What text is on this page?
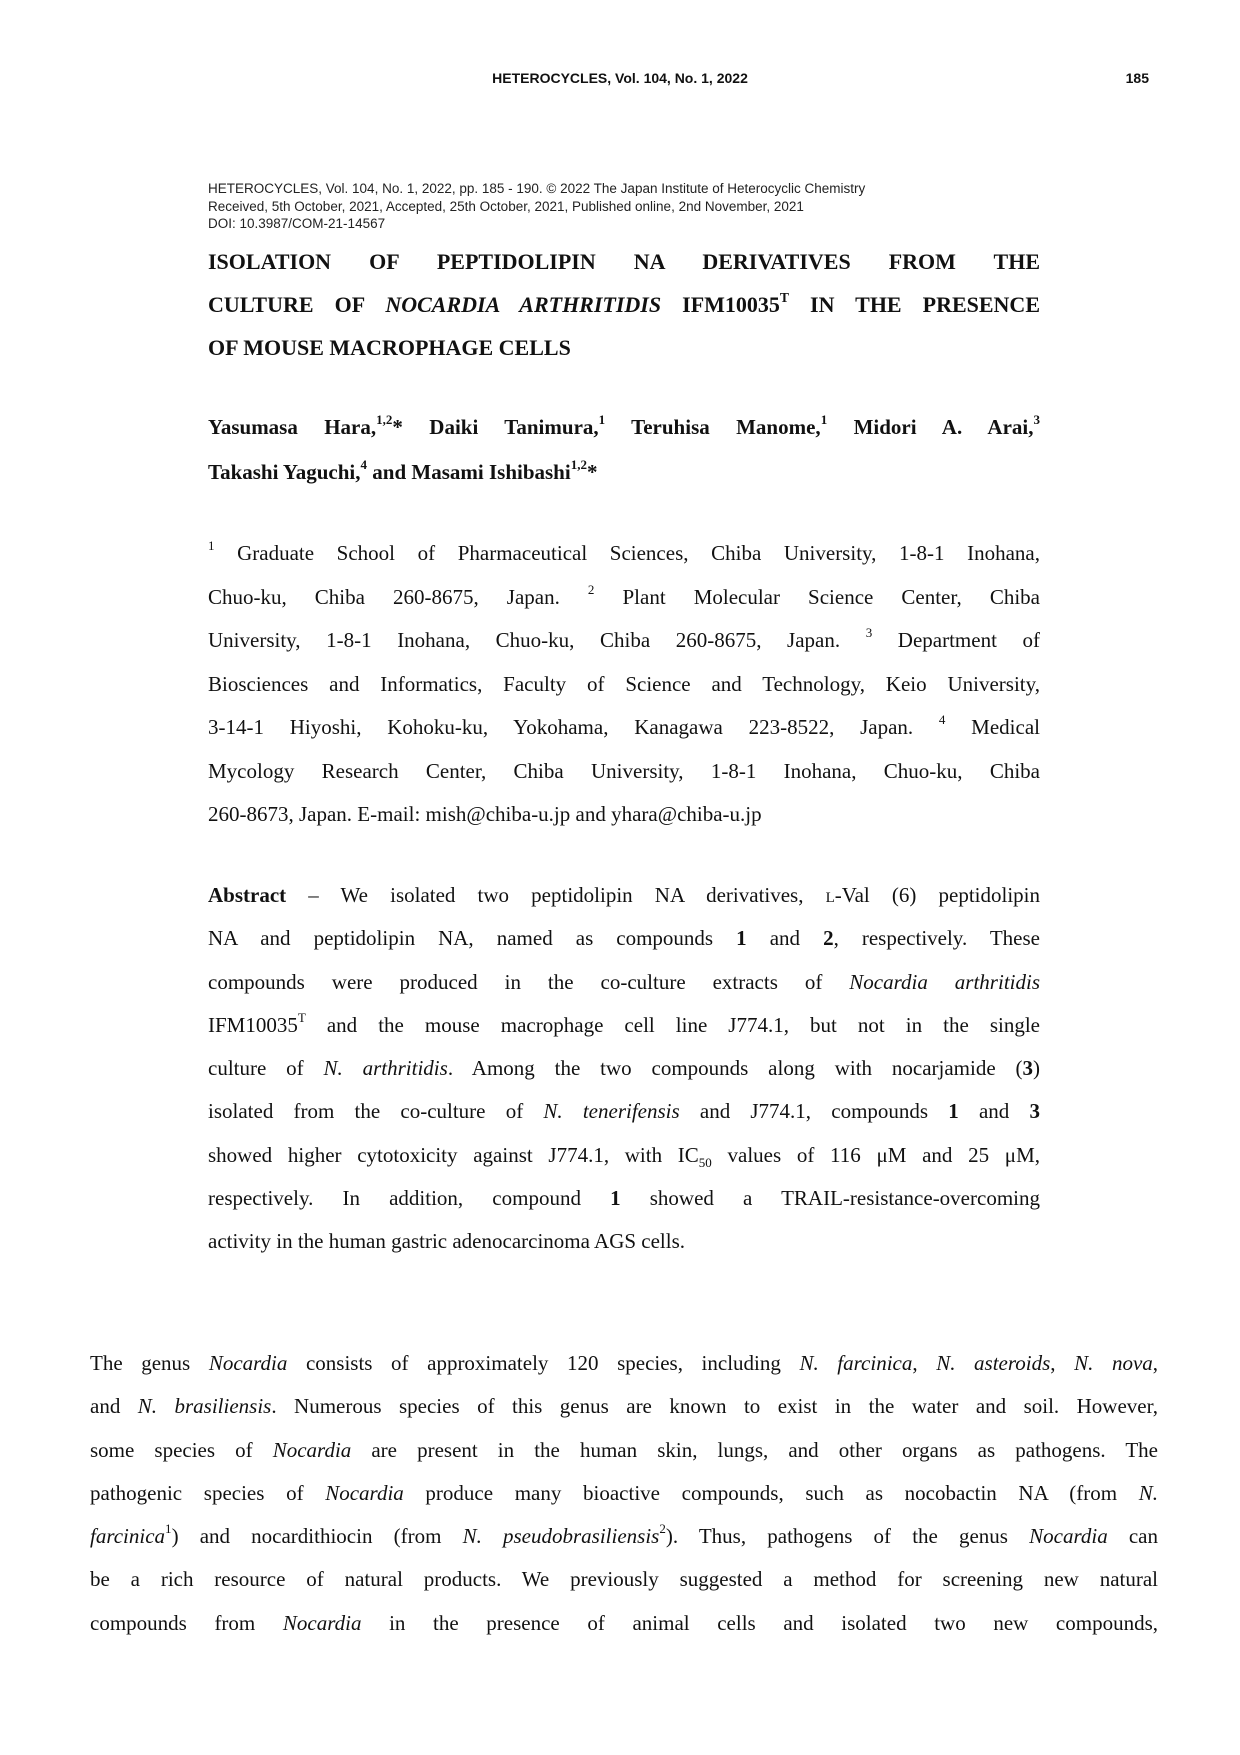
HETEROCYCLES, Vol. 104, No. 1, 2022	185
HETEROCYCLES, Vol. 104, No. 1, 2022, pp. 185 - 190. © 2022 The Japan Institute of Heterocyclic Chemistry
Received, 5th October, 2021, Accepted, 25th October, 2021, Published online, 2nd November, 2021
DOI: 10.3987/COM-21-14567
ISOLATION OF PEPTIDOLIPIN NA DERIVATIVES FROM THE
CULTURE OF NOCARDIA ARTHRITIDIS $IFM10035^T$ IN THE PRESENCE
OF MOUSE MACROPHAGE CELLS
Yasumasa Hara,$^{1,2}$* Daiki Tanimura,$^1$ Teruhisa Manome,$^1$ Midori A. Arai,$^3$
Takashi Yaguchi,$^4$ and Masami Ishibashi$^{1,2}$*
$^1$ Graduate School of Pharmaceutical Sciences, Chiba University, 1-8-1 Inohana,
Chuo-ku, Chiba 260-8675, Japan. $^2$ Plant Molecular Science Center, Chiba
University, 1-8-1 Inohana, Chuo-ku, Chiba 260-8675, Japan. $^3$ Department of
Biosciences and Informatics, Faculty of Science and Technology, Keio University,
3-14-1 Hiyoshi, Kohoku-ku, Yokohama, Kanagawa 223-8522, Japan. $^4$ Medical
Mycology Research Center, Chiba University, 1-8-1 Inohana, Chuo-ku, Chiba
260-8673, Japan. E-mail: mish@chiba-u.jp and yhara@chiba-u.jp
Abstract – We isolated two peptidolipin NA derivatives, l-Val (6) peptidolipin
NA and peptidolipin NA, named as compounds 1 and 2, respectively. These
compounds were produced in the co-culture extracts of Nocardia arthritidis
$IFM10035^T$ and the mouse macrophage cell line J774.1, but not in the single
culture of N. arthritidis. Among the two compounds along with nocarjamide (3)
isolated from the co-culture of N. tenerifensis and J774.1, compounds 1 and 3
showed higher cytotoxicity against J774.1, with $IC_{50}$ values of 116 μM and 25 μM,
respectively. In addition, compound 1 showed a TRAIL-resistance-overcoming
activity in the human gastric adenocarcinoma AGS cells.
The genus Nocardia consists of approximately 120 species, including N. farcinica, N. asteroids, N. nova,
and N. brasiliensis. Numerous species of this genus are known to exist in the water and soil. However,
some species of Nocardia are present in the human skin, lungs, and other organs as pathogens. The
pathogenic species of Nocardia produce many bioactive compounds, such as nocobactin NA (from N.
farcinica$^1$) and nocardithiocin (from N. pseudobrasiliensis$^2$). Thus, pathogens of the genus Nocardia can
be a rich resource of natural products. We previously suggested a method for screening new natural
compounds from Nocardia in the presence of animal cells and isolated two new compounds,
